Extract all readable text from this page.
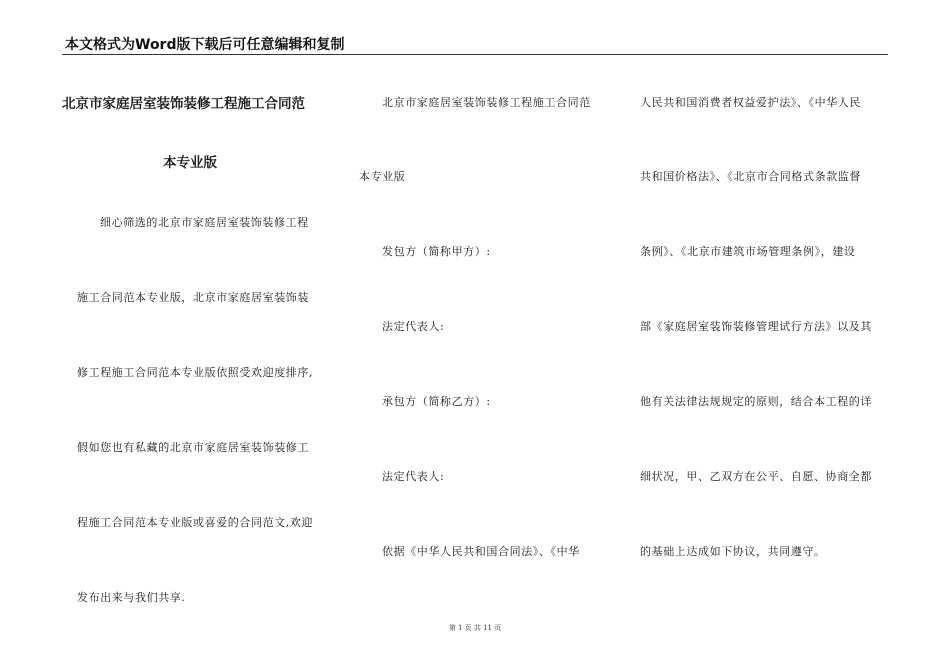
本文格式为Word版下载后可任意编辑和复制
北京市家庭居室装饰装修工程施工合同范
本专业版
细心筛选的北京市家庭居室装饰装修工程
施工合同范本专业版，北京市家庭居室装饰装
修工程施工合同范本专业版依照受欢迎度排序,
假如您也有私藏的北京市家庭居室装饰装修工
程施工合同范本专业版或喜爱的合同范文,欢迎
发布出来与我们共享.
北京市家庭居室装饰装修工程施工合同范
本专业版
发包方（简称甲方）:
法定代表人:
承包方（简称乙方）:
法定代表人:
依据《中华人民共和国合同法》、《中华
人民共和国消费者权益爱护法》、《中华人民
共和国价格法》、《北京市合同格式条款监督
条例》、《北京市建筑市场管理条例》，建设
部《家庭居室装饰装修管理试行方法》以及其
他有关法律法规规定的原则，结合本工程的详
细状况，甲、乙双方在公平、自愿、协商全都
的基础上达成如下协议，共同遵守。
第 1 页 共 11 页
